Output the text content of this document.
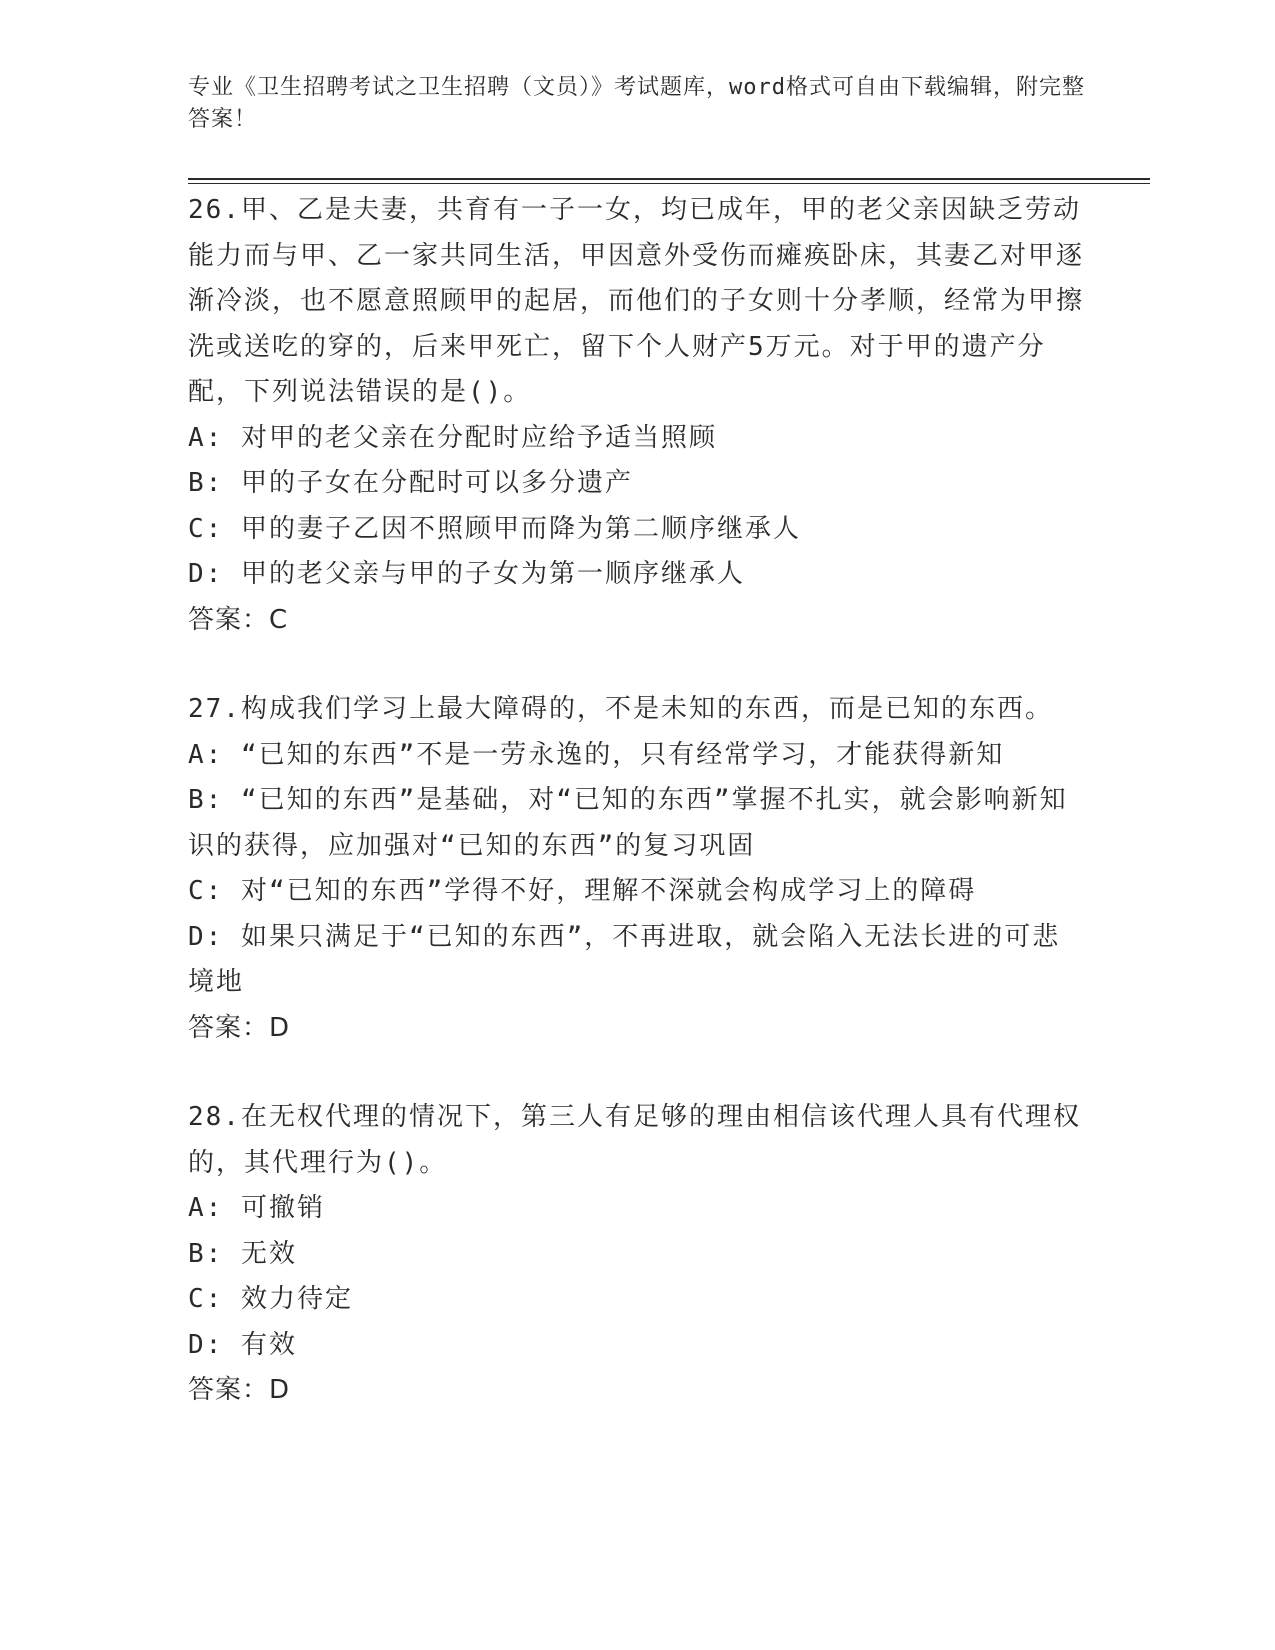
专业《卫生招聘考试之卫生招聘（文员）》考试题库，word格式可自由下载编辑，附完整答案！
26.甲、乙是夫妻，共育有一子一女，均已成年，甲的老父亲因缺乏劳动能力而与甲、乙一家共同生活，甲因意外受伤而瘫痪卧床，其妻乙对甲逐渐冷淡，也不愿意照顾甲的起居，而他们的子女则十分孝顺，经常为甲擦洗或送吃的穿的，后来甲死亡，留下个人财产5万元。对于甲的遗产分配，下列说法错误的是()。
A: 对甲的老父亲在分配时应给予适当照顾
B: 甲的子女在分配时可以多分遗产
C: 甲的妻子乙因不照顾甲而降为第二顺序继承人
D: 甲的老父亲与甲的子女为第一顺序继承人
答案：C
27.构成我们学习上最大障碍的，不是未知的东西，而是已知的东西。
A: “已知的东西”不是一劳永逸的，只有经常学习，才能获得新知
B: “已知的东西”是基础，对“已知的东西”掌握不扎实，就会影响新知识的获得，应加强对“已知的东西”的复习巩固
C: 对“已知的东西”学得不好，理解不深就会构成学习上的障碍
D: 如果只满足于“已知的东西”，不再进取，就会陷入无法长进的可悲境地
答案：D
28.在无权代理的情况下，第三人有足够的理由相信该代理人具有代理权的，其代理行为()。
A: 可撤销
B: 无效
C: 效力待定
D: 有效
答案：D
